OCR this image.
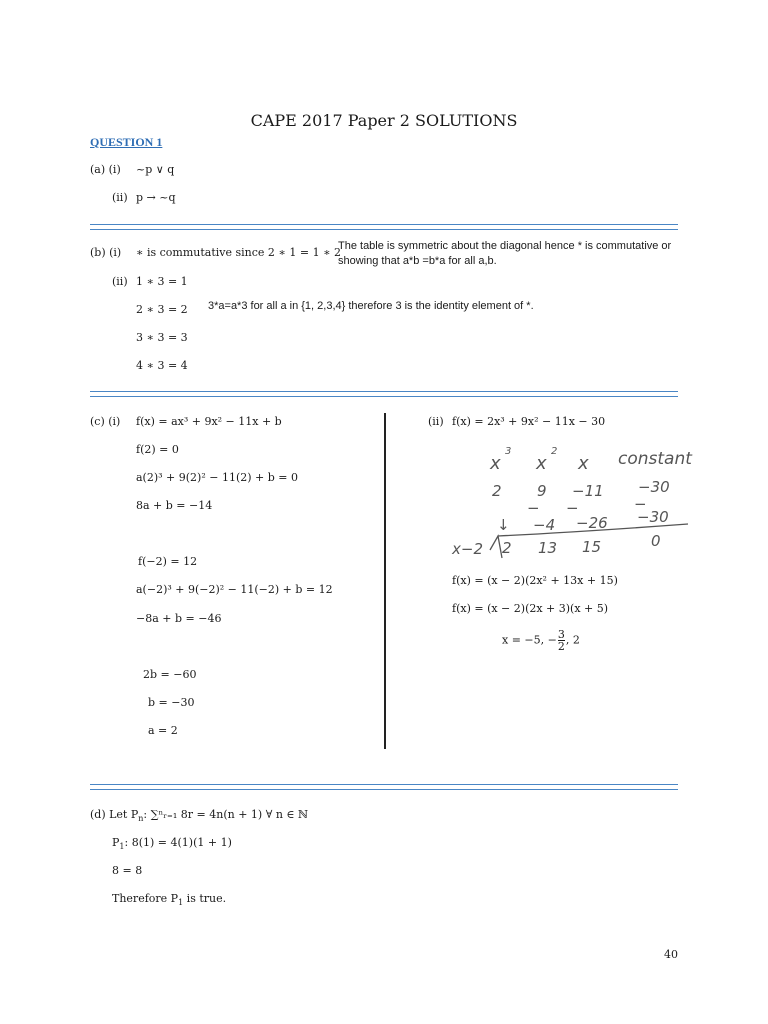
CAPE 2017 Paper 2 SOLUTIONS
QUESTION 1
(a) (i) ~p ∨ q
(ii) p → ~q
(b) (i) ∗ is commutative since 2 ∗ 1 = 1 ∗ 2
The table is symmetric about the diagonal hence * is commutative or
showing that a*b =b*a for all a,b.
(ii) 1 ∗ 3 = 1
2 ∗ 3 = 2 3*a=a*3 for all a in {1, 2,3,4} therefore 3 is the identity element of *.
3 ∗ 3 = 3
4 ∗ 3 = 4
(c) (i) f(x) = ax³ + 9x² − 11x + b
f(2) = 0
a(2)³ + 9(2)² − 11(2) + b = 0
8a + b = −14
f(−2) = 12
a(−2)³ + 9(−2)² − 11(−2) + b = 12
−8a + b = −46
2b = −60
b = −30
a = 2
(ii) f(x) = 2x³ + 9x² − 11x − 30
x
3
x
2
x constant
2 9 −11 −30
− −	−
↓ −4 −26 −30
x−2 2 13 15	0
f(x) = (x − 2)(2x² + 13x + 15)
f(x) = (x − 2)(2x + 3)(x + 5)
x = −5, − $\frac{3}{2}$ , 2
(d) Let $P_n$: ∑ⁿᵣ₌₁ 8r = 4n(n + 1) ∀ n ∈ ℕ
$P_1$: 8(1) = 4(1)(1 + 1)
8 = 8
Therefore $P_1$ is true.
40
